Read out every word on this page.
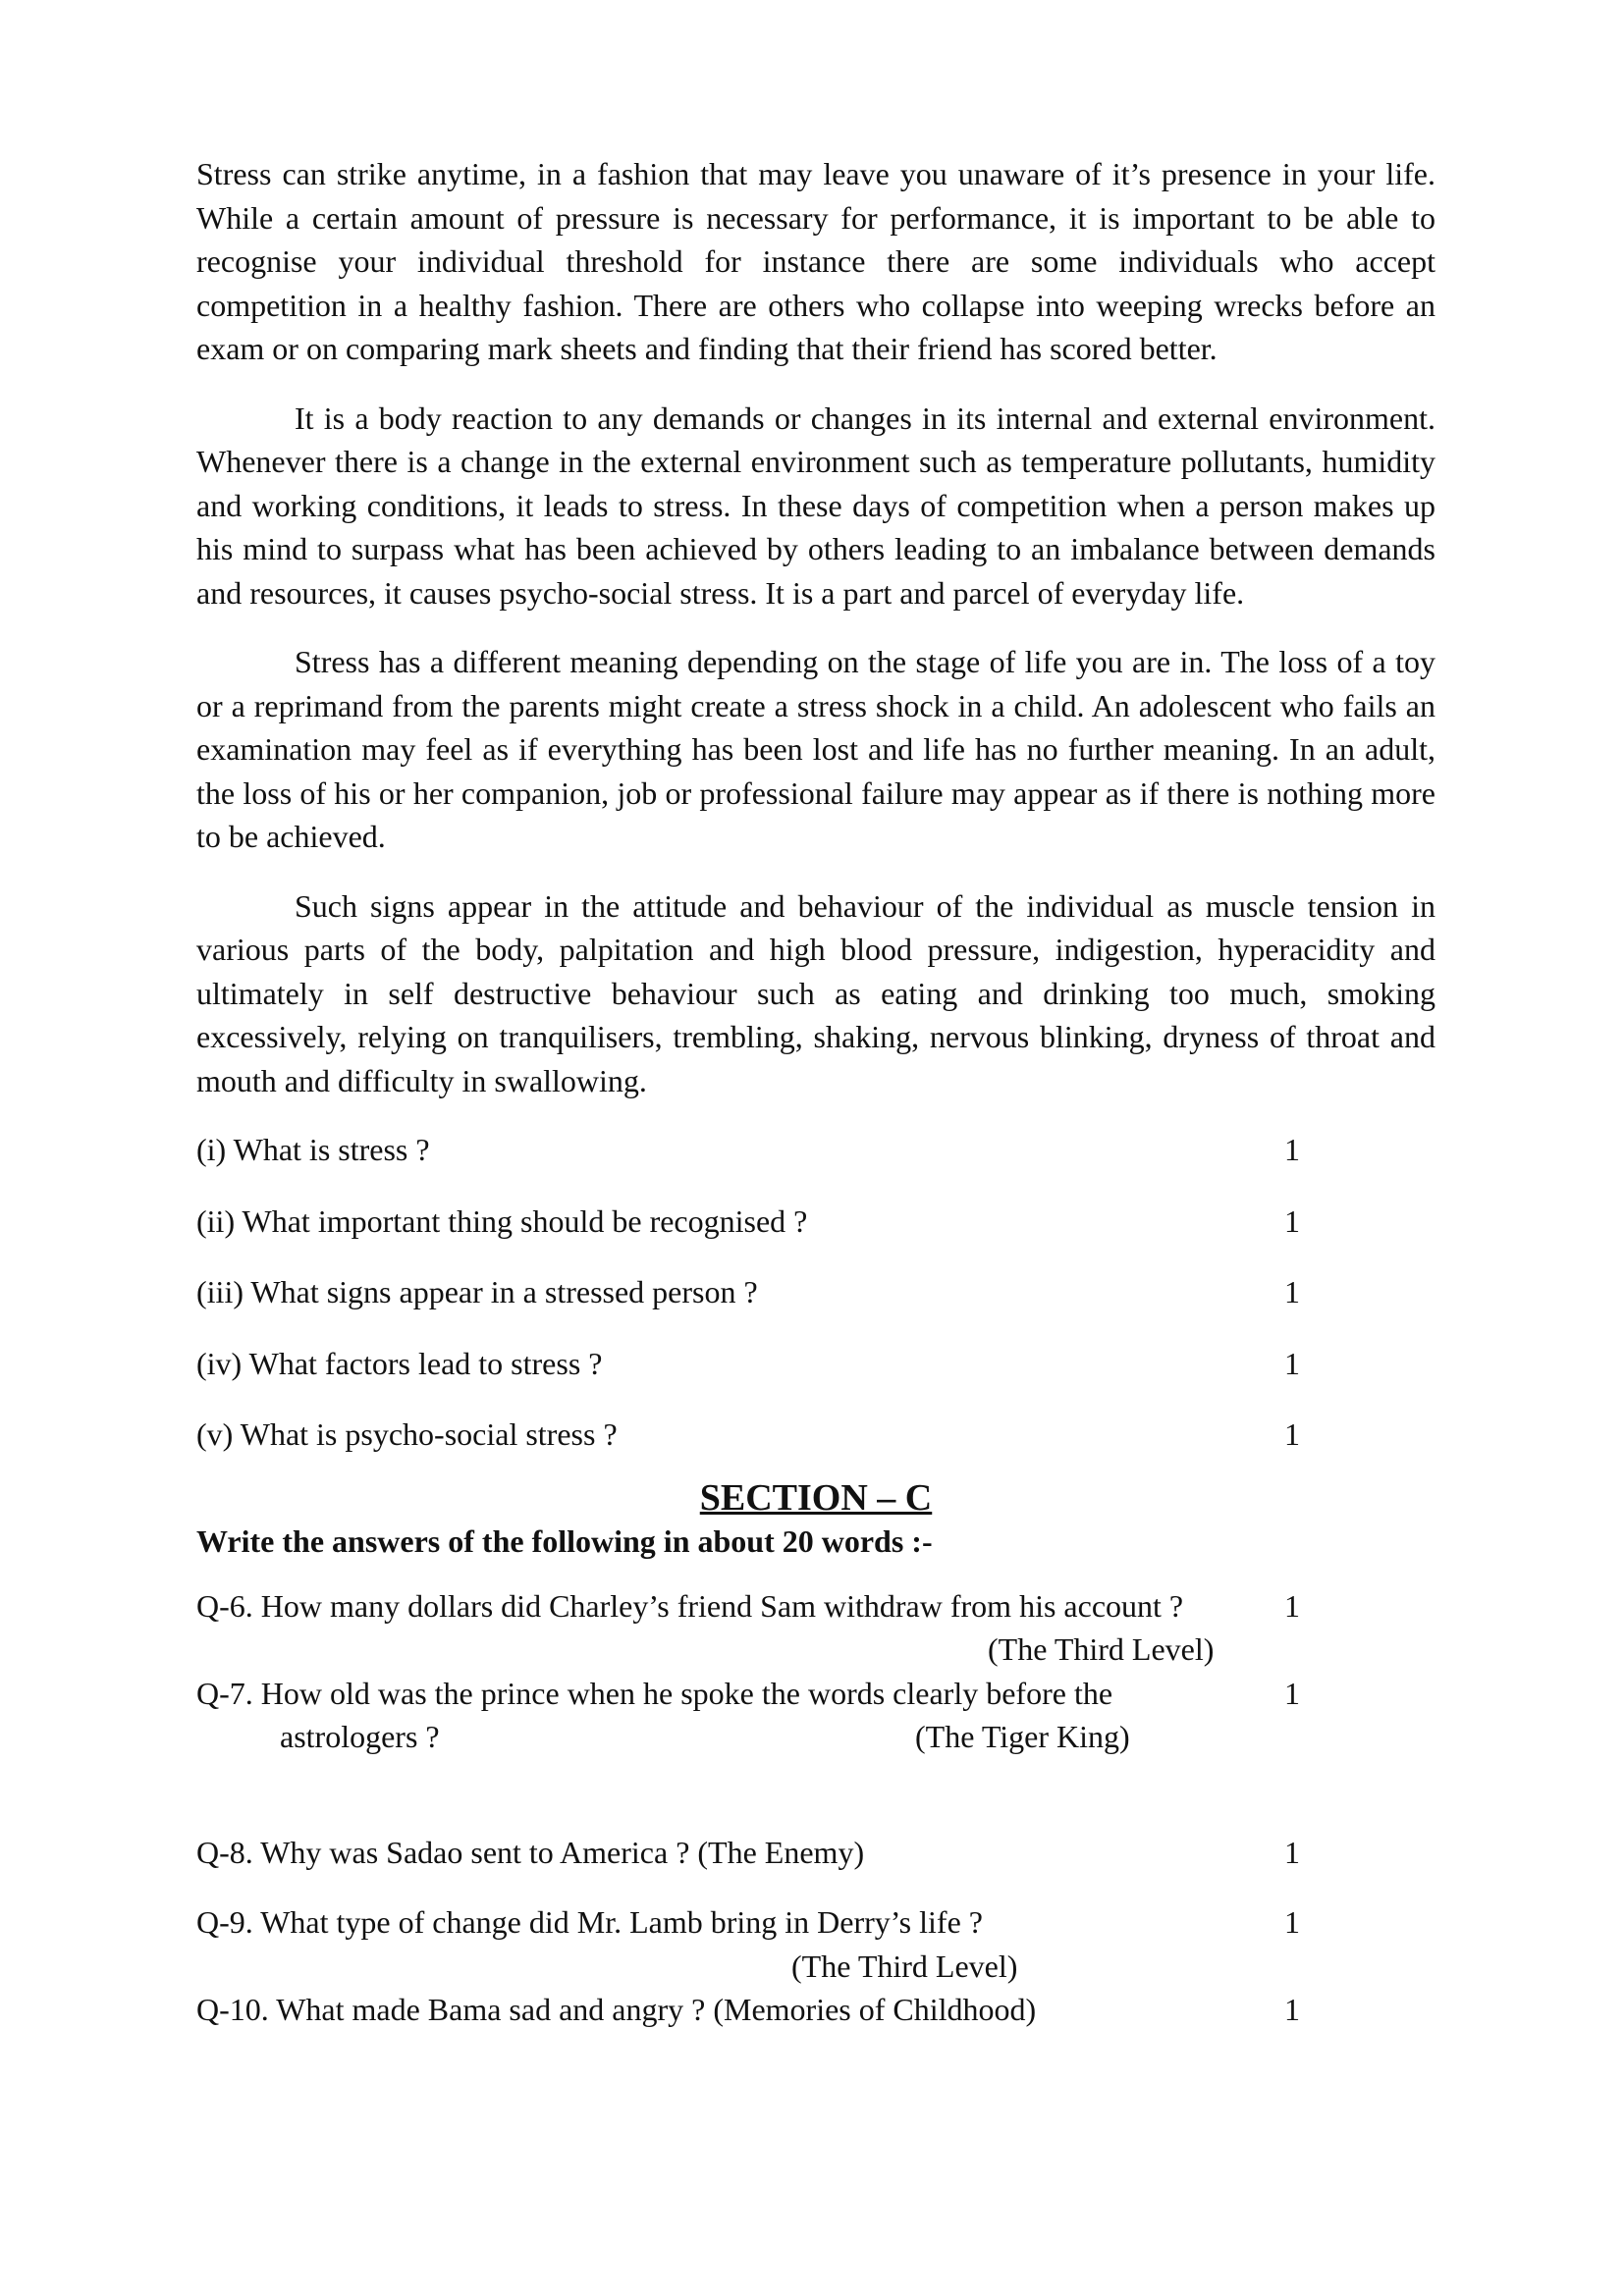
Stress can strike anytime, in a fashion that may leave you unaware of it’s presence in your life. While a certain amount of pressure is necessary for performance, it is important to be able to recognise your individual threshold for instance there are some individuals who accept competition in a healthy fashion. There are others who collapse into weeping wrecks before an exam or on comparing mark sheets and finding that their friend has scored better.

It is a body reaction to any demands or changes in its internal and external environment. Whenever there is a change in the external environment such as temperature pollutants, humidity and working conditions, it leads to stress. In these days of competition when a person makes up his mind to surpass what has been achieved by others leading to an imbalance between demands and resources, it causes psycho-social stress. It is a part and parcel of everyday life.

Stress has a different meaning depending on the stage of life you are in. The loss of a toy or a reprimand from the parents might create a stress shock in a child. An adolescent who fails an examination may feel as if everything has been lost and life has no further meaning. In an adult, the loss of his or her companion, job or professional failure may appear as if there is nothing more to be achieved.

Such signs appear in the attitude and behaviour of the individual as muscle tension in various parts of the body, palpitation and high blood pressure, indigestion, hyperacidity and ultimately in self destructive behaviour such as eating and drinking too much, smoking excessively, relying on tranquilisers, trembling, shaking, nervous blinking, dryness of throat and mouth and difficulty in swallowing.

(i) What is stress ?	1
(ii) What important thing should be recognised ?	1
(iii) What signs appear in a stressed person ?	1
(iv) What factors lead to stress ?	1
(v) What is psycho-social stress ?	1
SECTION – C
Write the answers of the following in about 20 words :-
Q-6. How many dollars did Charley’s friend Sam withdraw from his account ?	1
(The Third Level)
Q-7. How old was the prince when he spoke the words clearly before the	1
astrologers ?	(The Tiger King)
Q-8. Why was Sadao sent to America ? (The Enemy)	1
Q-9. What type of change did Mr. Lamb bring in Derry’s life ?	1
(The Third Level)
Q-10. What made Bama sad and angry ? (Memories of Childhood)	1
